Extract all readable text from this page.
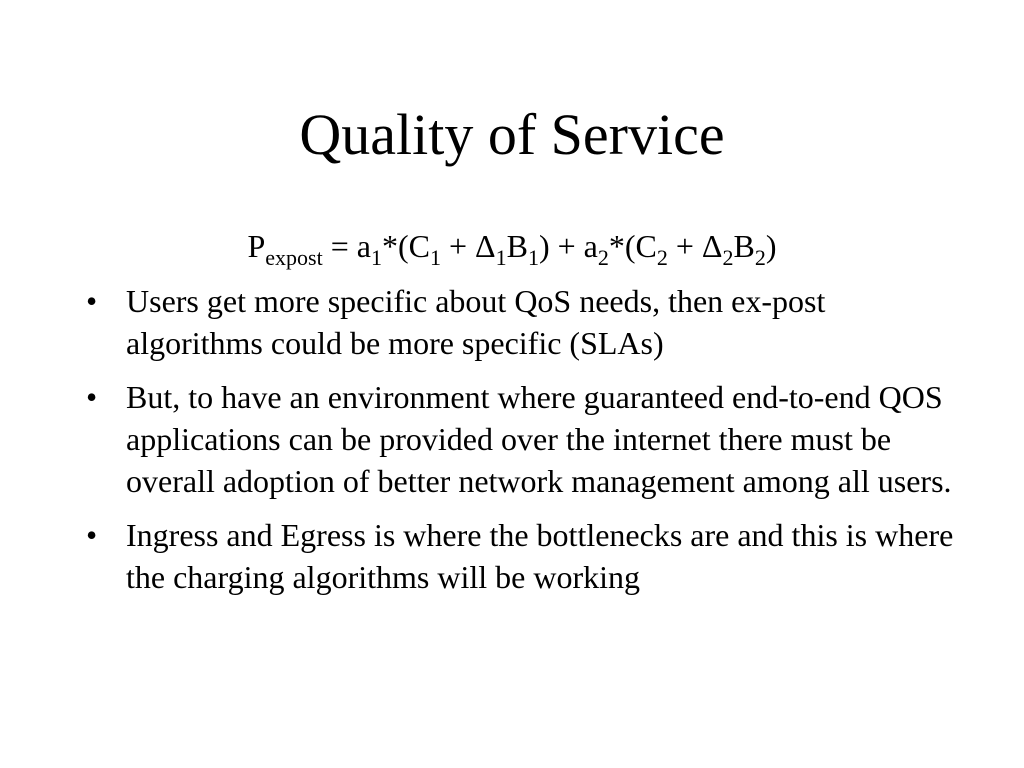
Quality of Service
$P_{expost} = a_1*(C_1 + \Delta_1B_1) + a_2*(C_2 + \Delta_2B_2)$
• Users get more specific about QoS needs, then ex-post algorithms could be more specific (SLAs)
• But, to have an environment where guaranteed end-to-end QOS applications can be provided over the internet there must be overall adoption of better network management among all users.
• Ingress and Egress is where the bottlenecks are and this is where the charging algorithms will be working
